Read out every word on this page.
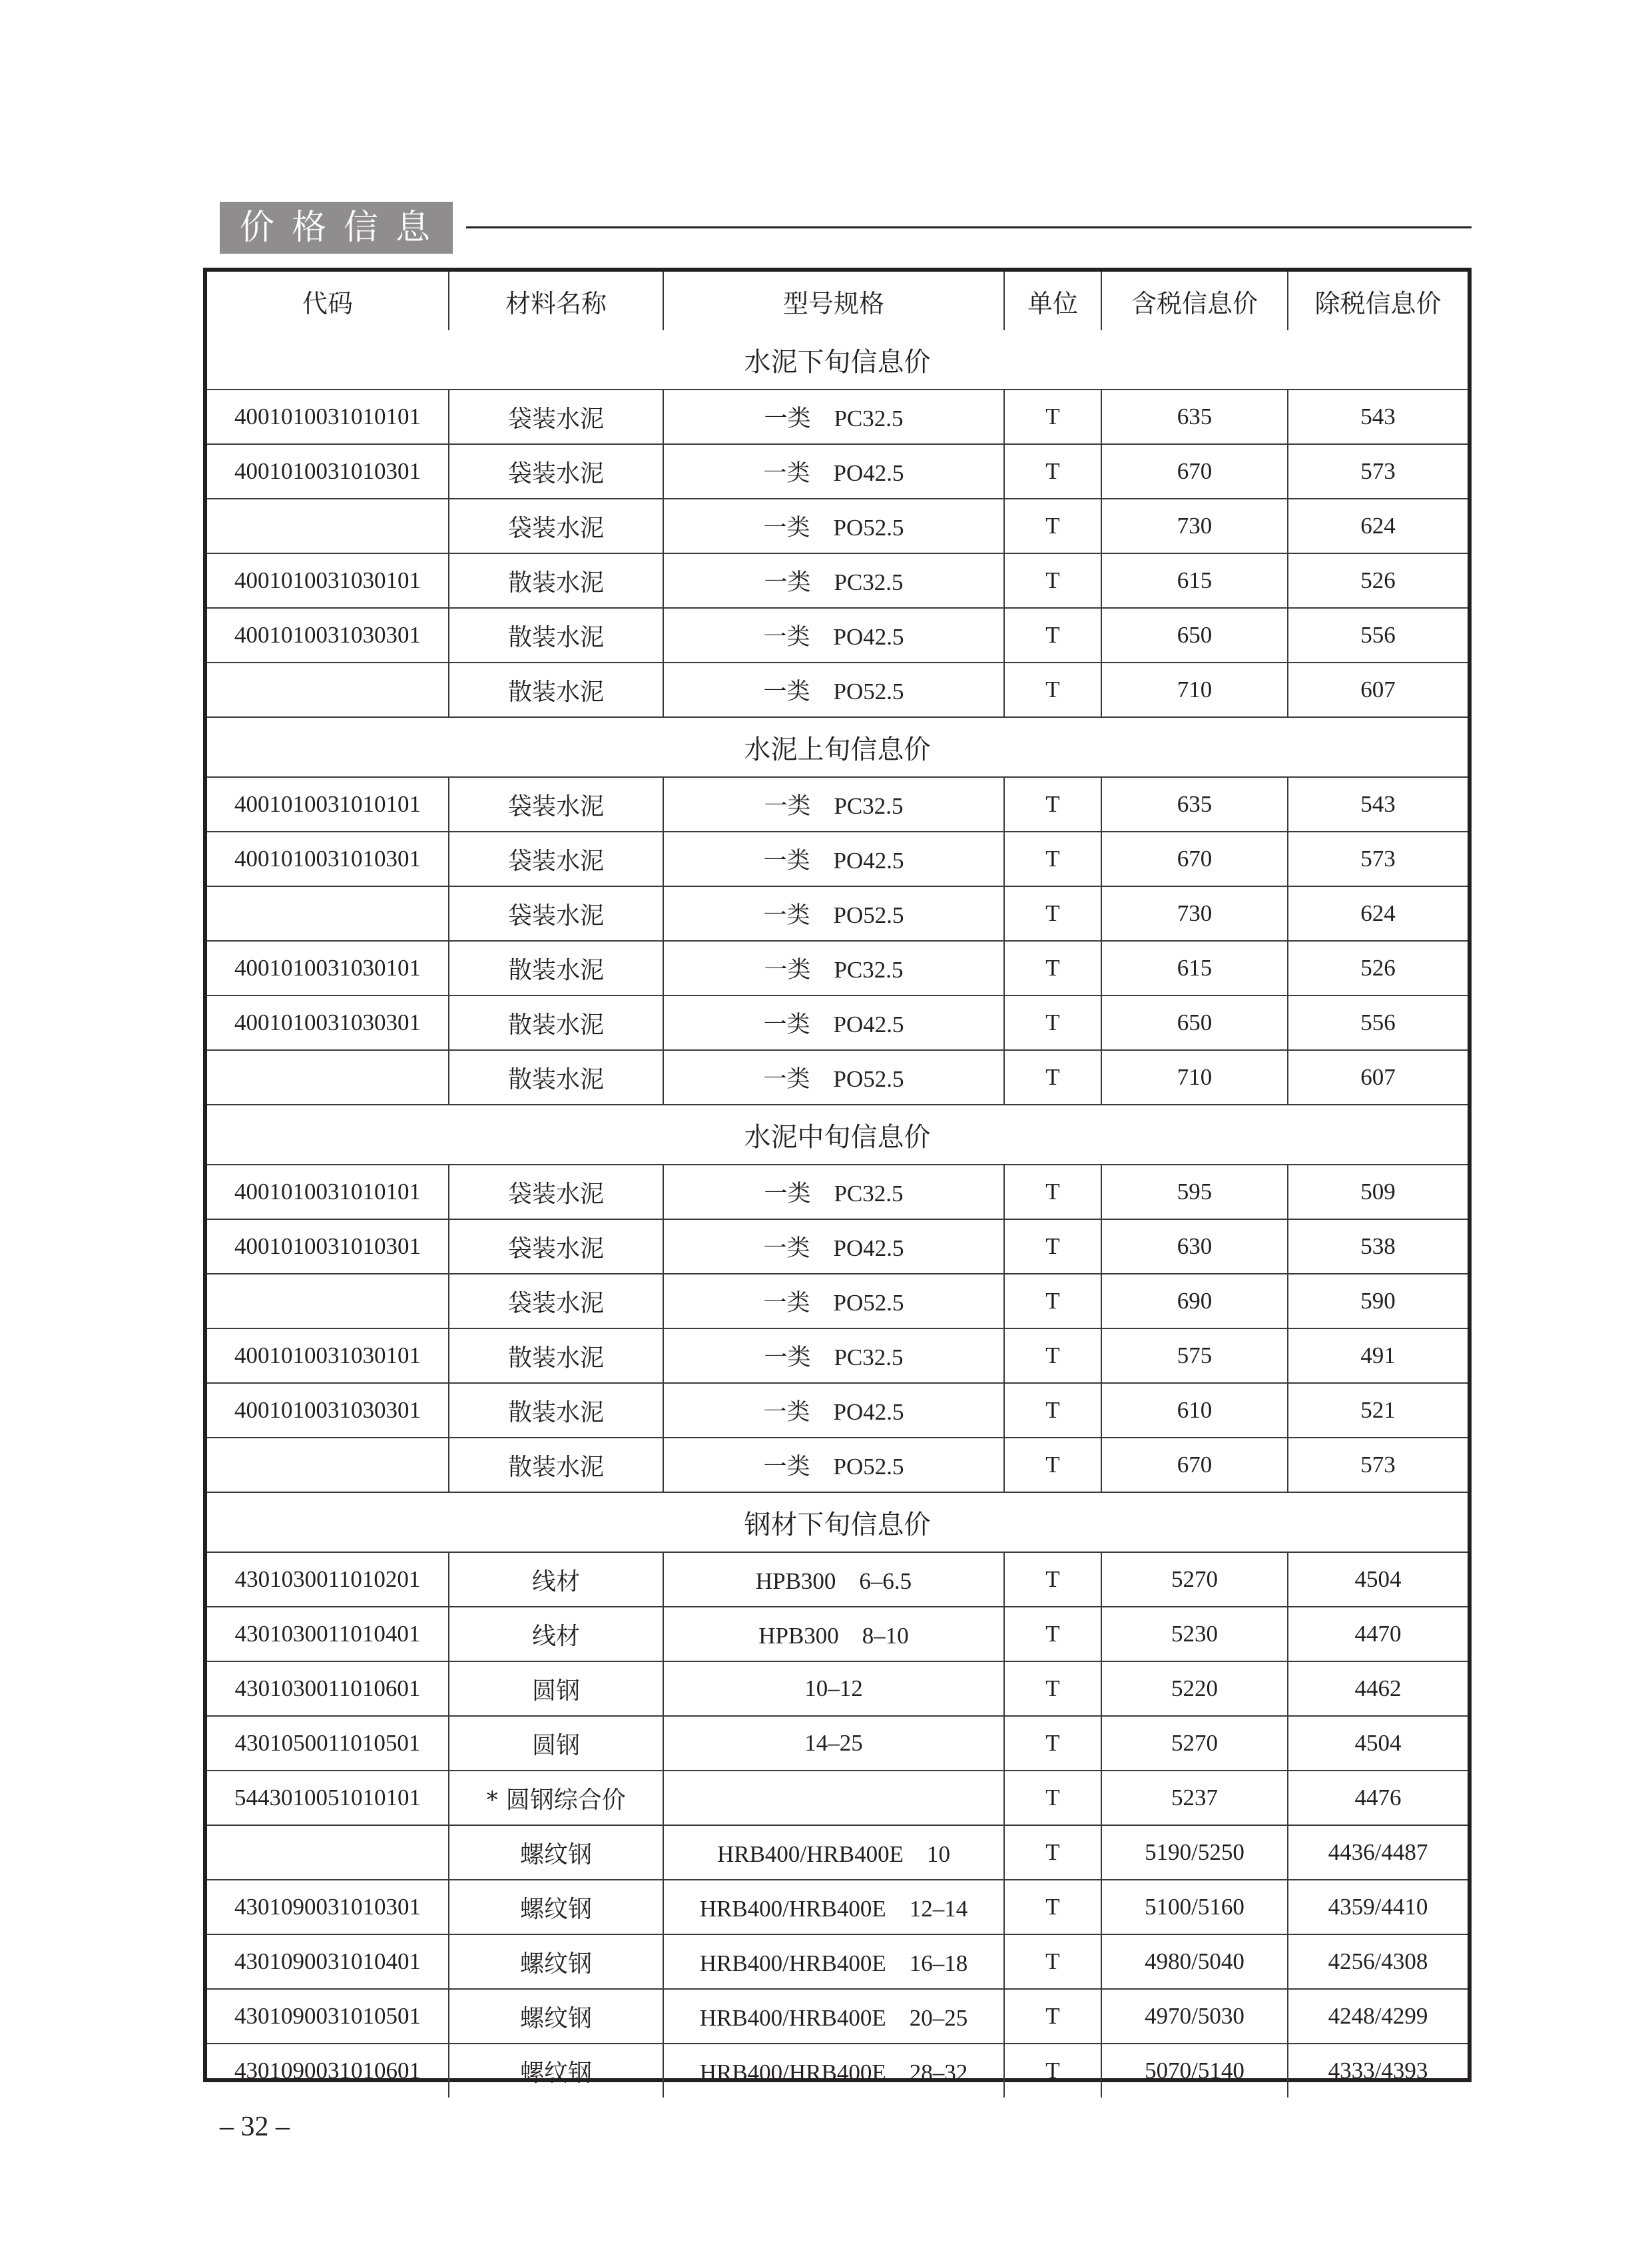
价格信息
代码	材料名称	型号规格	单位	含税信息价	除税信息价
水泥下旬信息价					
4001010031010101	袋装水泥	一类　PC32.5	T	635	543
4001010031010301	袋装水泥	一类　PO42.5	T	670	573
	袋装水泥	一类　PO52.5	T	730	624
4001010031030101	散装水泥	一类　PC32.5	T	615	526
4001010031030301	散装水泥	一类　PO42.5	T	650	556
	散装水泥	一类　PO52.5	T	710	607
水泥上旬信息价					
4001010031010101	袋装水泥	一类　PC32.5	T	635	543
4001010031010301	袋装水泥	一类　PO42.5	T	670	573
	袋装水泥	一类　PO52.5	T	730	624
4001010031030101	散装水泥	一类　PC32.5	T	615	526
4001010031030301	散装水泥	一类　PO42.5	T	650	556
	散装水泥	一类　PO52.5	T	710	607
水泥中旬信息价					
4001010031010101	袋装水泥	一类　PC32.5	T	595	509
4001010031010301	袋装水泥	一类　PO42.5	T	630	538
	袋装水泥	一类　PO52.5	T	690	590
4001010031030101	散装水泥	一类　PC32.5	T	575	491
4001010031030301	散装水泥	一类　PO42.5	T	610	521
	散装水泥	一类　PO52.5	T	670	573
钢材下旬信息价					
4301030011010201	线材	HPB300　6–6.5	T	5270	4504
4301030011010401	线材	HPB300　8–10	T	5230	4470
4301030011010601	圆钢	10–12	T	5220	4462
4301050011010501	圆钢	14–25	T	5270	4504
5443010051010101	* 圆钢综合价		T	5237	4476
	螺纹钢	HRB400/HRB400E　10	T	5190/5250	4436/4487
4301090031010301	螺纹钢	HRB400/HRB400E　12–14	T	5100/5160	4359/4410
4301090031010401	螺纹钢	HRB400/HRB400E　16–18	T	4980/5040	4256/4308
4301090031010501	螺纹钢	HRB400/HRB400E　20–25	T	4970/5030	4248/4299
4301090031010601	螺纹钢	HRB400/HRB400E　28–32	T	5070/5140	4333/4393
– 32 –
